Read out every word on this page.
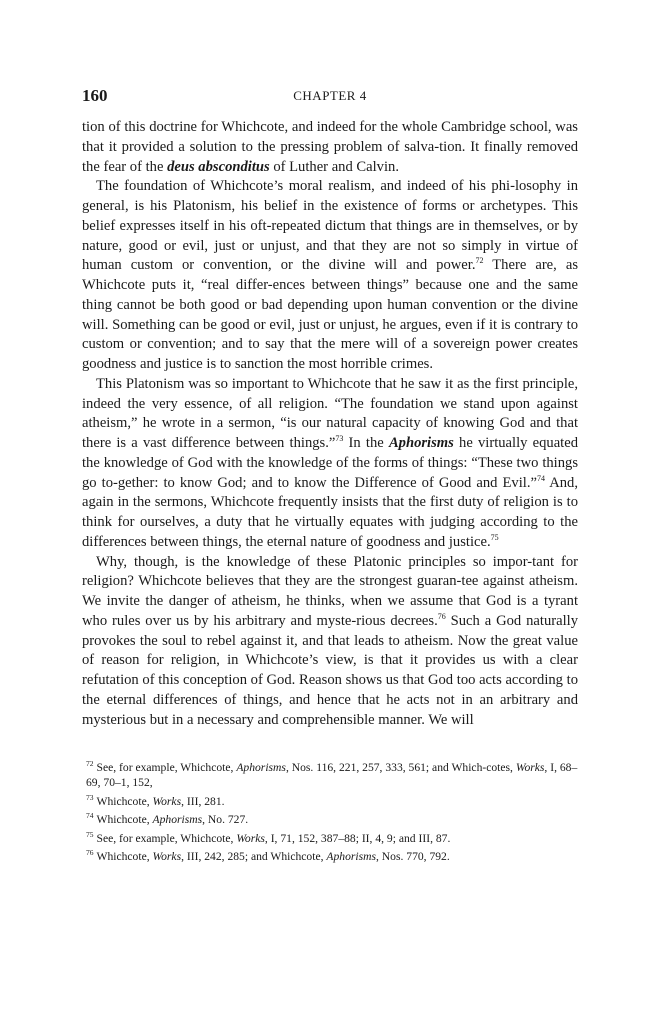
160	CHAPTER 4

tion of this doctrine for Whichcote, and indeed for the whole Cambridge school, was that it provided a solution to the pressing problem of salva-tion. It finally removed the fear of the deus absconditus of Luther and Calvin.

The foundation of Whichcote’s moral realism, and indeed of his phi-losophy in general, is his Platonism, his belief in the existence of forms or archetypes. This belief expresses itself in his oft-repeated dictum that things are in themselves, or by nature, good or evil, just or unjust, and that they are not so simply in virtue of human custom or convention, or the divine will and power.$^{72}$ There are, as Whichcote puts it, “real differ-ences between things” because one and the same thing cannot be both good or bad depending upon human convention or the divine will. Something can be good or evil, just or unjust, he argues, even if it is contrary to custom or convention; and to say that the mere will of a sovereign power creates goodness and justice is to sanction the most horrible crimes.

This Platonism was so important to Whichcote that he saw it as the first principle, indeed the very essence, of all religion. “The foundation we stand upon against atheism,” he wrote in a sermon, “is our natural capacity of knowing God and that there is a vast difference between things.”$^{73}$ In the Aphorisms he virtually equated the knowledge of God with the knowledge of the forms of things: “These two things go to-gether: to know God; and to know the Difference of Good and Evil.”$^{74}$ And, again in the sermons, Whichcote frequently insists that the first duty of religion is to think for ourselves, a duty that he virtually equates with judging according to the differences between things, the eternal nature of goodness and justice.$^{75}$

Why, though, is the knowledge of these Platonic principles so impor-tant for religion? Whichcote believes that they are the strongest guaran-tee against atheism. We invite the danger of atheism, he thinks, when we assume that God is a tyrant who rules over us by his arbitrary and myste-rious decrees.$^{76}$ Such a God naturally provokes the soul to rebel against it, and that leads to atheism. Now the great value of reason for religion, in Whichcote’s view, is that it provides us with a clear refutation of this conception of God. Reason shows us that God too acts according to the eternal differences of things, and hence that he acts not in an arbitrary and mysterious but in a necessary and comprehensible manner. We will

$^{72}$ See, for example, Whichcote, Aphorisms, Nos. 116, 221, 257, 333, 561; and Which-cotes, Works, I, 68–69, 70–1, 152,
$^{73}$ Whichcote, Works, III, 281.
$^{74}$ Whichcote, Aphorisms, No. 727.
$^{75}$ See, for example, Whichcote, Works, I, 71, 152, 387–88; II, 4, 9; and III, 87.
$^{76}$ Whichcote, Works, III, 242, 285; and Whichcote, Aphorisms, Nos. 770, 792.
